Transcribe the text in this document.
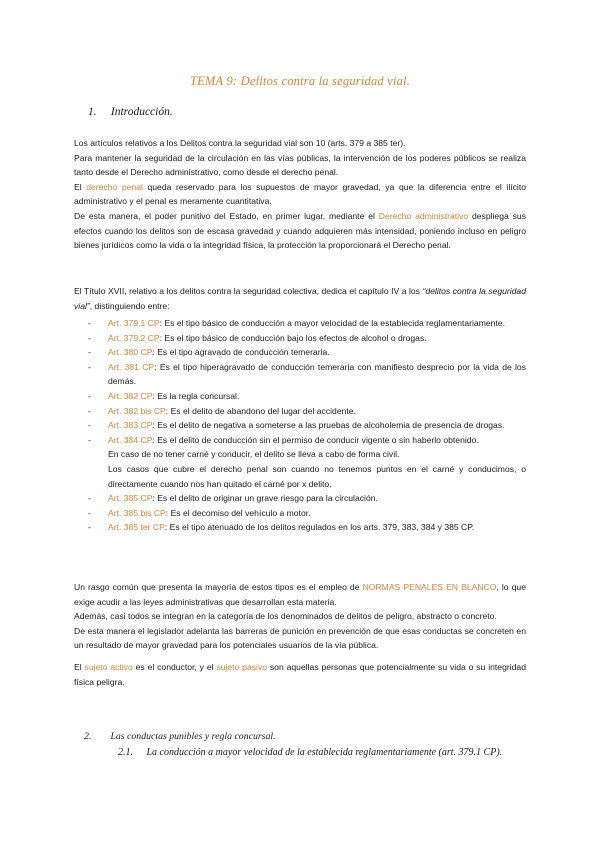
TEMA 9: Delitos contra la seguridad vial.
1. Introducción.

Los artículos relativos a los Delitos contra la seguridad vial son 10 (arts. 379 a 385 ter).
Para mantener la seguridad de la circulación en las vías públicas, la intervención de los poderes públicos se realiza tanto desde el Derecho administrativo, como desde el derecho penal.
El derecho penal queda reservado para los supuestos de mayor gravedad, ya que la diferencia entre el ilícito administrativo y el penal es meramente cuantitativa.
De esta manera, el poder punitivo del Estado, en primer lugar, mediante el Derecho administrativo despliega sus efectos cuando los delitos son de escasa gravedad y cuando adquieren más intensidad, poniendo incluso en peligro bienes jurídicos como la vida o la integridad física, la protección la proporcionará el Derecho penal.

El Título XVII, relativo a los delitos contra la seguridad colectiva, dedica el capítulo IV a los “delitos contra la seguridad vial”, distinguiendo entre:

- Art. 379.1 CP: Es el tipo básico de conducción a mayor velocidad de la establecida reglamentariamente.
- Art. 379.2 CP: Es el tipo básico de conducción bajo los efectos de alcohol o drogas.
- Art. 380 CP: Es el tipo agravado de conducción temeraria.
- Art. 381 CP: Es el tipo hiperagravado de conducción temeraria con manifiesto desprecio por la vida de los demás.
- Art. 382 CP: Es la regla concursal.
- Art. 382 bis CP: Es el delito de abandono del lugar del accidente.
- Art. 383 CP: Es el delito de negativa a someterse a las pruebas de alcoholemia de presencia de drogas.
- Art. 384 CP: Es el delito de conducción sin el permiso de conducir vigente o sin haberlo obtenido.
En caso de no tener carné y conducir, el delito se lleva a cabo de forma civil.
Los casos que cubre el derecho penal son cuando no tenemos puntos en el carné y conducimos, o directamente cuando nos han quitado el carné por x delito.
- Art. 385 CP: Es el delito de originar un grave riesgo para la circulación.
- Art. 385 bis CP: Es el decomiso del vehículo a motor.
- Art. 385 ter CP: Es el tipo atenuado de los delitos regulados en los arts. 379, 383, 384 y 385 CP.

Un rasgo común que presenta la mayoría de estos tipos es el empleo de NORMAS PENALES EN BLANCO, lo que exige acudir a las leyes administrativas que desarrollan esta materia.
Además, casi todos se integran en la categoría de los denominados de delitos de peligro, abstracto o concreto.
De esta manera el legislador adelanta las barreras de punición en prevención de que esas conductas se concreten en un resultado de mayor gravedad para los potenciales usuarios de la vía pública.

El sujeto activo es el conductor, y el sujeto pasivo son aquellas personas que potencialmente su vida o su integridad física peligra.

2. Las conductas punibles y regla concursal.
2.1. La conducción a mayor velocidad de la establecida reglamentariamente (art. 379.1 CP).
